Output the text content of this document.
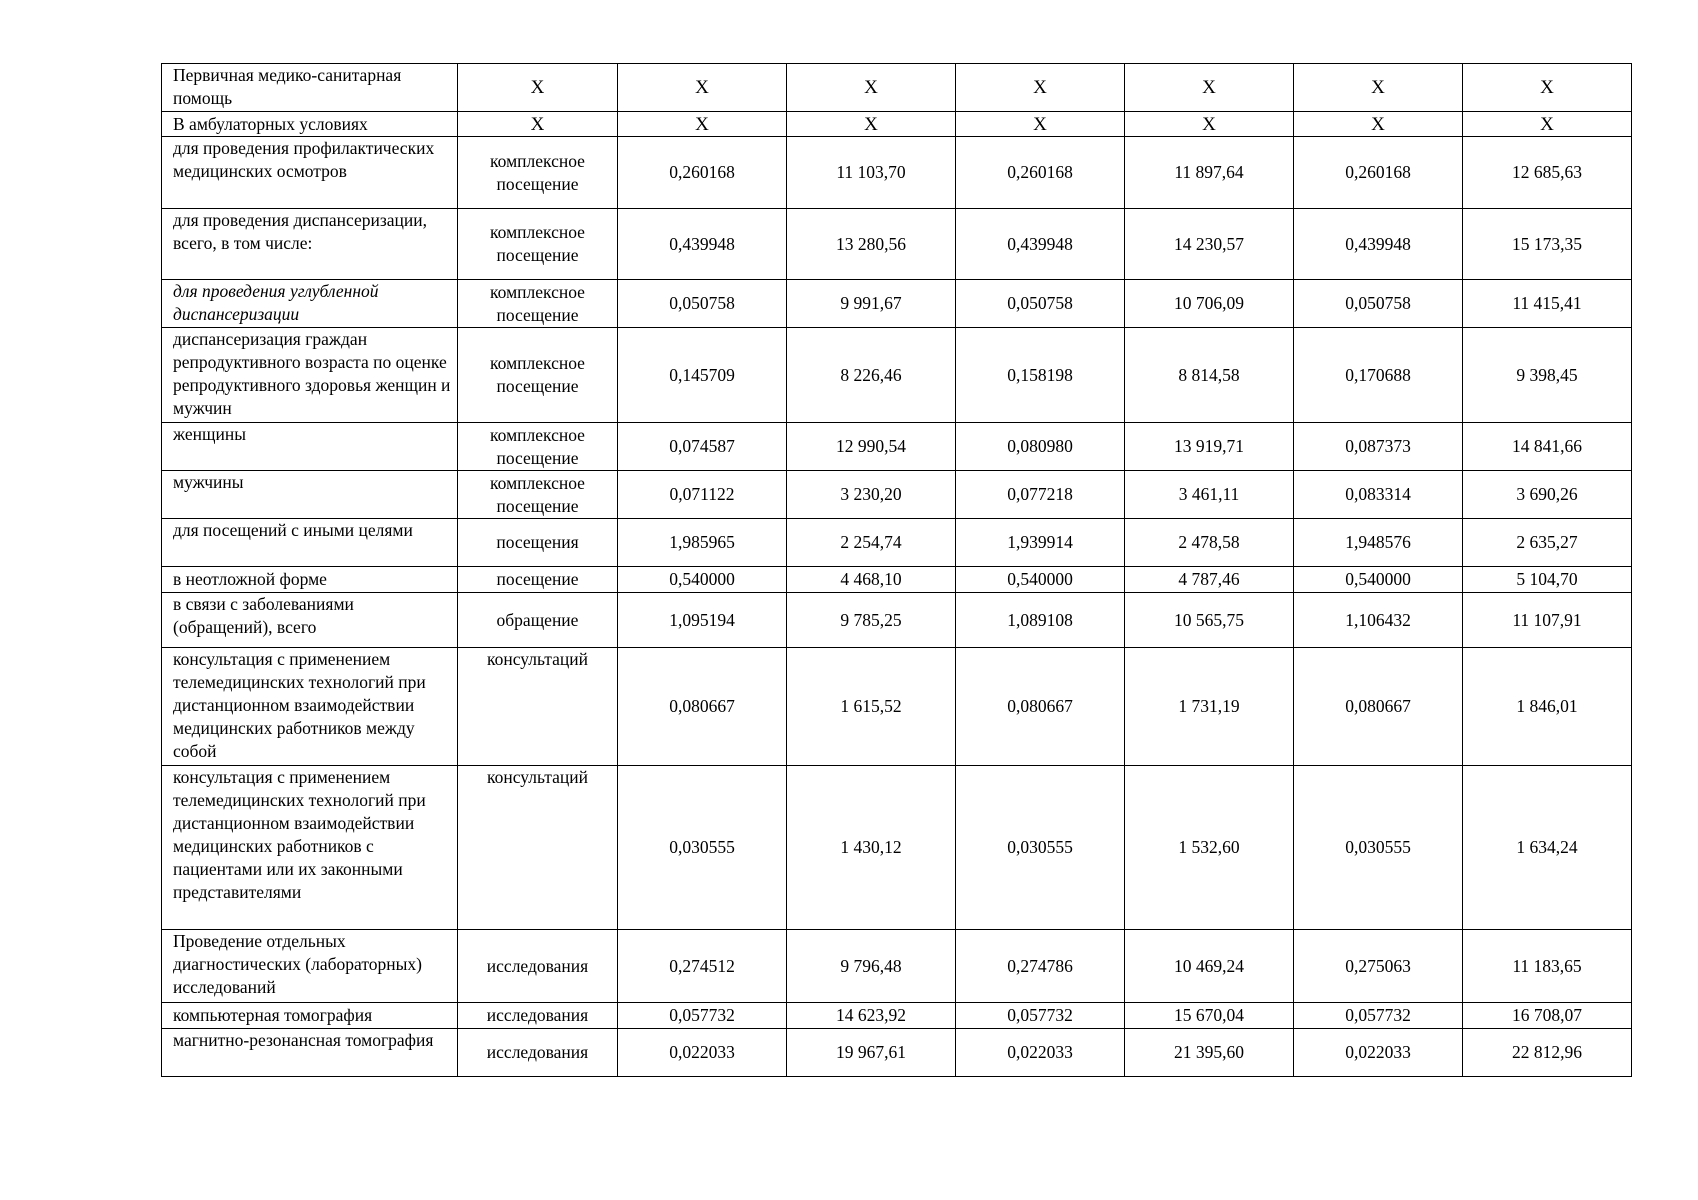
Первичная медико-санитарная помощь	X	X	X	X	X	X	X
В амбулаторных условиях	X	X	X	X	X	X	X
для проведения профилактических медицинских осмотров	комплексное посещение	0,260168	11 103,70	0,260168	11 897,64	0,260168	12 685,63
для проведения диспансеризации, всего, в том числе:	комплексное посещение	0,439948	13 280,56	0,439948	14 230,57	0,439948	15 173,35
для проведения углубленной диспансеризации	комплексное посещение	0,050758	9 991,67	0,050758	10 706,09	0,050758	11 415,41
диспансеризация граждан репродуктивного возраста по оценке репродуктивного здоровья женщин и мужчин	комплексное посещение	0,145709	8 226,46	0,158198	8 814,58	0,170688	9 398,45
женщины	комплексное посещение	0,074587	12 990,54	0,080980	13 919,71	0,087373	14 841,66
мужчины	комплексное посещение	0,071122	3 230,20	0,077218	3 461,11	0,083314	3 690,26
для посещений с иными целями	посещения	1,985965	2 254,74	1,939914	2 478,58	1,948576	2 635,27
в неотложной форме	посещение	0,540000	4 468,10	0,540000	4 787,46	0,540000	5 104,70
в связи с заболеваниями (обращений), всего	обращение	1,095194	9 785,25	1,089108	10 565,75	1,106432	11 107,91
консультация с применением телемедицинских технологий при дистанционном взаимодействии медицинских работников между собой	консультаций	0,080667	1 615,52	0,080667	1 731,19	0,080667	1 846,01
консультация с применением телемедицинских технологий при дистанционном взаимодействии медицинских работников с пациентами или их законными представителями	консультаций	0,030555	1 430,12	0,030555	1 532,60	0,030555	1 634,24
Проведение отдельных диагностических (лабораторных) исследований	исследования	0,274512	9 796,48	0,274786	10 469,24	0,275063	11 183,65
компьютерная томография	исследования	0,057732	14 623,92	0,057732	15 670,04	0,057732	16 708,07
магнитно-резонансная томография	исследования	0,022033	19 967,61	0,022033	21 395,60	0,022033	22 812,96
